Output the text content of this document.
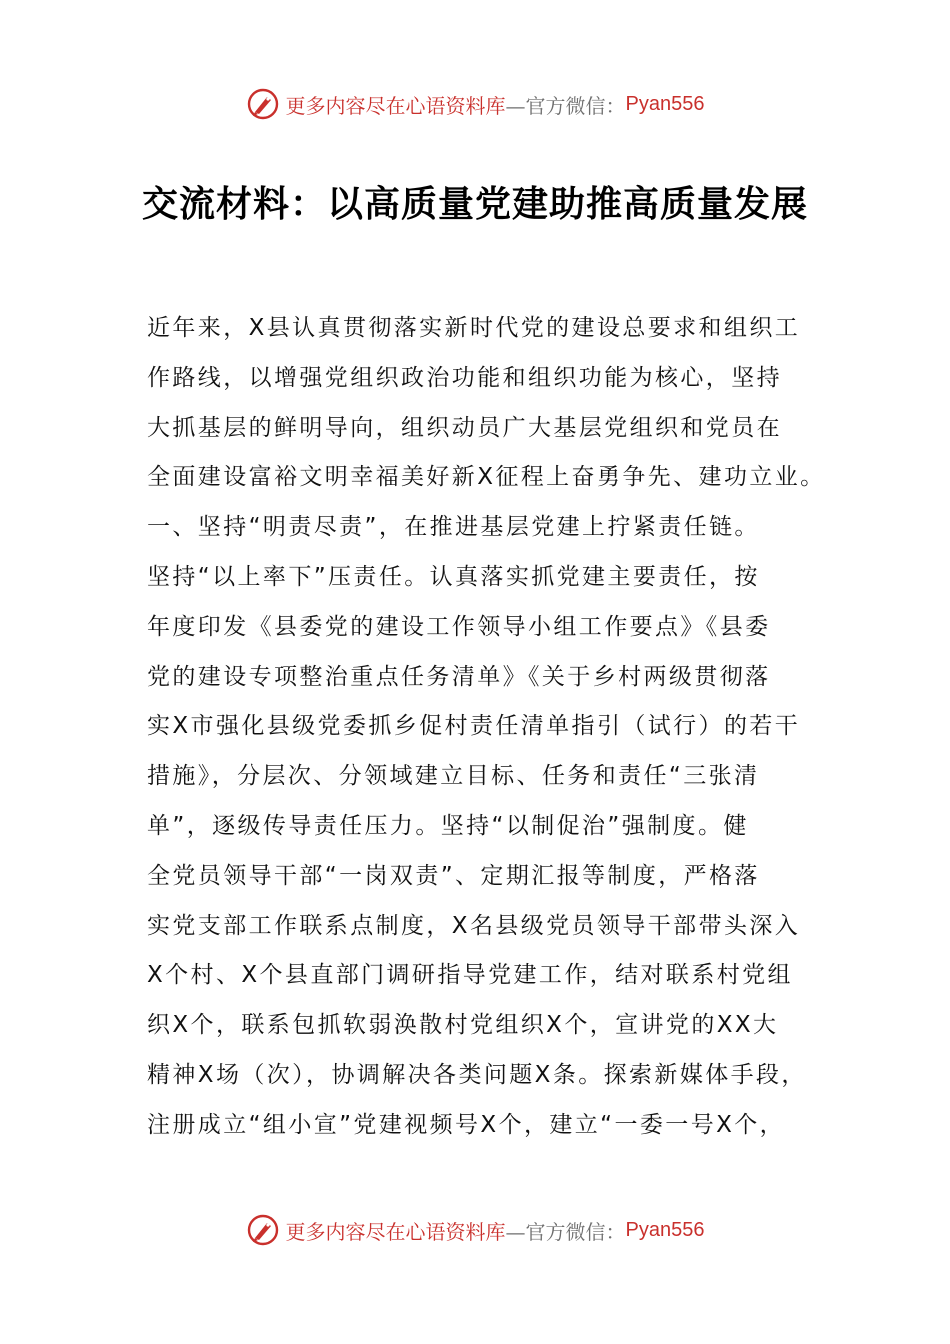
更多内容尽在心语资料库 —官方微信： Pyan556
交流材料：以高质量党建助推高质量发展
近年来，X县认真贯彻落实新时代党的建设总要求和组织工
作路线，以增强党组织政治功能和组织功能为核心，坚持
大抓基层的鲜明导向，组织动员广大基层党组织和党员在
全面建设富裕文明幸福美好新X征程上奋勇争先、建功立业。
一、坚持“明责尽责”，在推进基层党建上拧紧责任链。
坚持“以上率下”压责任。认真落实抓党建主要责任，按
年度印发《县委党的建设工作领导小组工作要点》《县委
党的建设专项整治重点任务清单》《关于乡村两级贯彻落
实X市强化县级党委抓乡促村责任清单指引（试行）的若干
措施》，分层次、分领域建立目标、任务和责任“三张清
单”，逐级传导责任压力。坚持“以制促治”强制度。健
全党员领导干部“一岗双责”、定期汇报等制度，严格落
实党支部工作联系点制度，X名县级党员领导干部带头深入
X个村、X个县直部门调研指导党建工作，结对联系村党组
织X个，联系包抓软弱涣散村党组织X个，宣讲党的XX大
精神X场（次），协调解决各类问题X条。探索新媒体手段，
注册成立“组小宣”党建视频号X个，建立“一委一号X个，
更多内容尽在心语资料库 —官方微信： Pyan556
